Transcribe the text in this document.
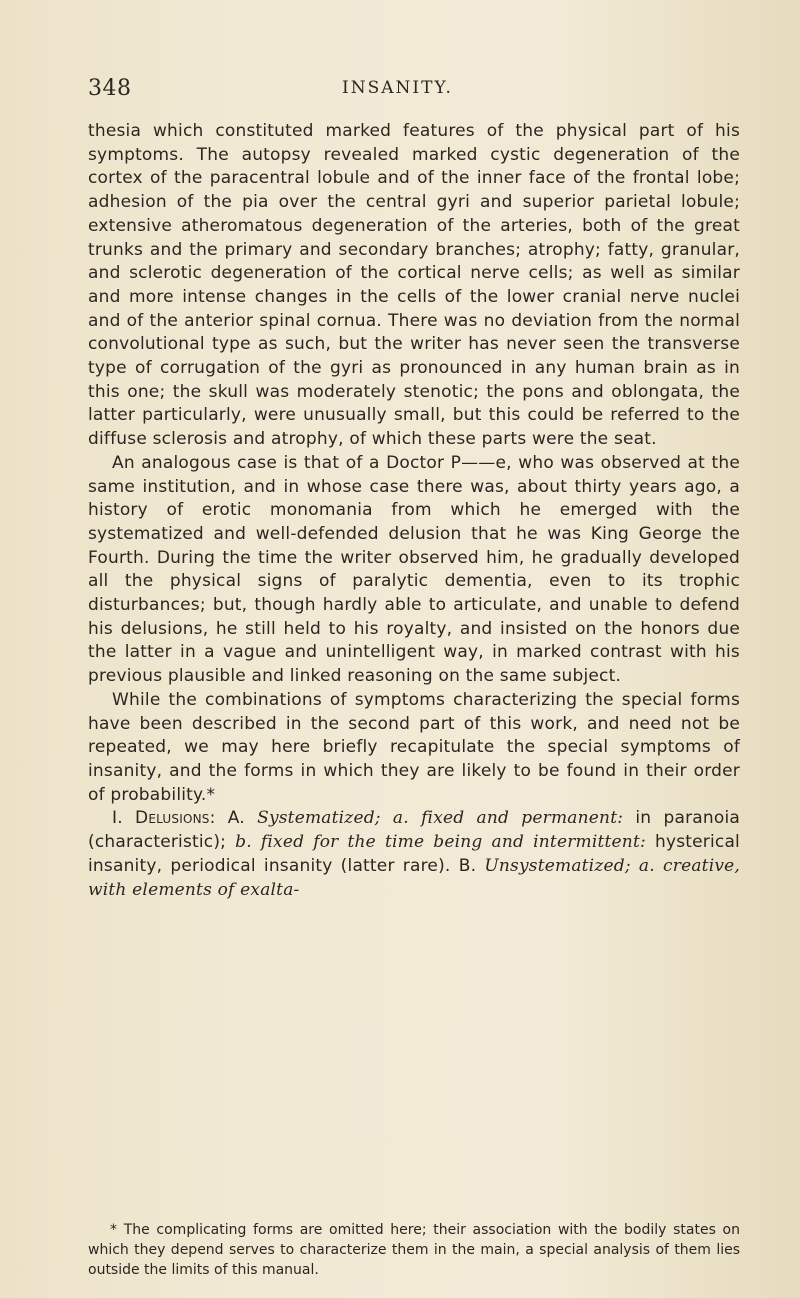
348	INSANITY.

thesia which constituted marked features of the physical part of his symptoms. The autopsy revealed marked cystic degeneration of the cortex of the paracentral lobule and of the inner face of the frontal lobe; adhesion of the pia over the central gyri and superior parietal lobule; extensive atheromatous degeneration of the arteries, both of the great trunks and the primary and secondary branches; atrophy; fatty, granular, and sclerotic degeneration of the cortical nerve cells; as well as similar and more intense changes in the cells of the lower cranial nerve nuclei and of the anterior spinal cornua. There was no deviation from the normal convolutional type as such, but the writer has never seen the transverse type of corrugation of the gyri as pronounced in any human brain as in this one; the skull was moderately stenotic; the pons and oblongata, the latter particularly, were unusually small, but this could be referred to the diffuse sclerosis and atrophy, of which these parts were the seat.

An analogous case is that of a Doctor P——e, who was observed at the same institution, and in whose case there was, about thirty years ago, a history of erotic monomania from which he emerged with the systematized and well-defended delusion that he was King George the Fourth. During the time the writer observed him, he gradually developed all the physical signs of paralytic dementia, even to its trophic disturbances; but, though hardly able to articulate, and unable to defend his delusions, he still held to his royalty, and insisted on the honors due the latter in a vague and unintelligent way, in marked contrast with his previous plausible and linked reasoning on the same subject.

While the combinations of symptoms characterizing the special forms have been described in the second part of this work, and need not be repeated, we may here briefly recapitulate the special symptoms of insanity, and the forms in which they are likely to be found in their order of probability.*

I. Delusions: A. Systematized; a. fixed and permanent: in paranoia (characteristic); b. fixed for the time being and intermittent: hysterical insanity, periodical insanity (latter rare). B. Unsystematized; a. creative, with elements of exalta-

* The complicating forms are omitted here; their association with the bodily states on which they depend serves to characterize them in the main, a special analysis of them lies outside the limits of this manual.
